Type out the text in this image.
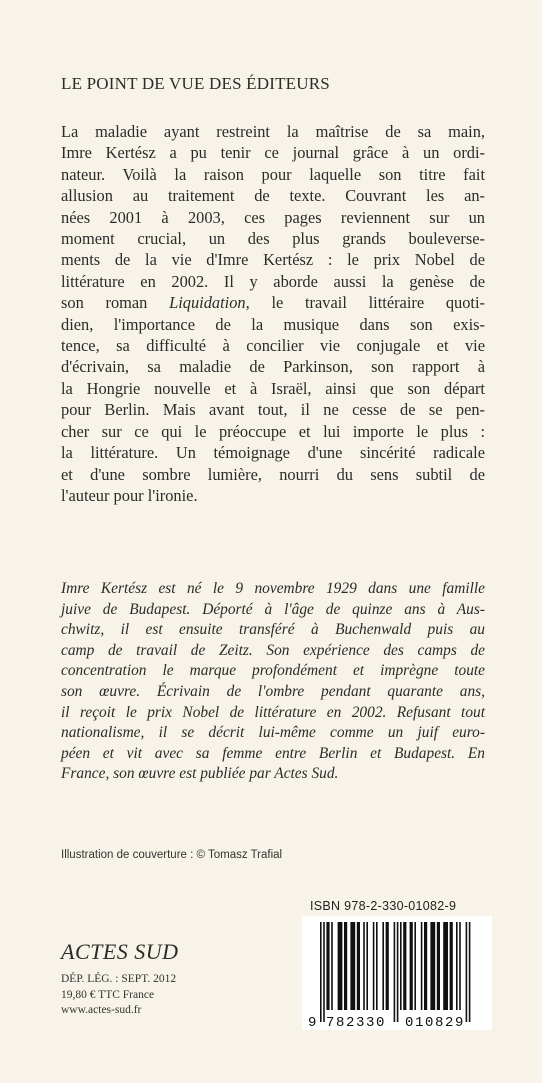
LE POINT DE VUE DES ÉDITEURS
La maladie ayant restreint la maîtrise de sa main,
Imre Kertész a pu tenir ce journal grâce à un ordi-
nateur. Voilà la raison pour laquelle son titre fait
allusion au traitement de texte. Couvrant les an-
nées 2001 à 2003, ces pages reviennent sur un
moment crucial, un des plus grands bouleverse-
ments de la vie d'Imre Kertész : le prix Nobel de
littérature en 2002. Il y aborde aussi la genèse de
son roman Liquidation, le travail littéraire quoti-
dien, l'importance de la musique dans son exis-
tence, sa difficulté à concilier vie conjugale et vie
d'écrivain, sa maladie de Parkinson, son rapport à
la Hongrie nouvelle et à Israël, ainsi que son départ
pour Berlin. Mais avant tout, il ne cesse de se pen-
cher sur ce qui le préoccupe et lui importe le plus :
la littérature. Un témoignage d'une sincérité radicale
et d'une sombre lumière, nourri du sens subtil de
l'auteur pour l'ironie.
Imre Kertész est né le 9 novembre 1929 dans une famille
juive de Budapest. Déporté à l'âge de quinze ans à Aus-
chwitz, il est ensuite transféré à Buchenwald puis au
camp de travail de Zeitz. Son expérience des camps de
concentration le marque profondément et imprègne toute
son œuvre. Écrivain de l'ombre pendant quarante ans,
il reçoit le prix Nobel de littérature en 2002. Refusant tout
nationalisme, il se décrit lui-même comme un juif euro-
péen et vit avec sa femme entre Berlin et Budapest. En
France, son œuvre est publiée par Actes Sud.
Illustration de couverture : © Tomasz Trafial
ISBN 978-2-330-01082-9
ACTES SUD
DÉP. LÉG. : SEPT. 2012
19,80 € TTC France
www.actes-sud.fr
9 782330 010829
